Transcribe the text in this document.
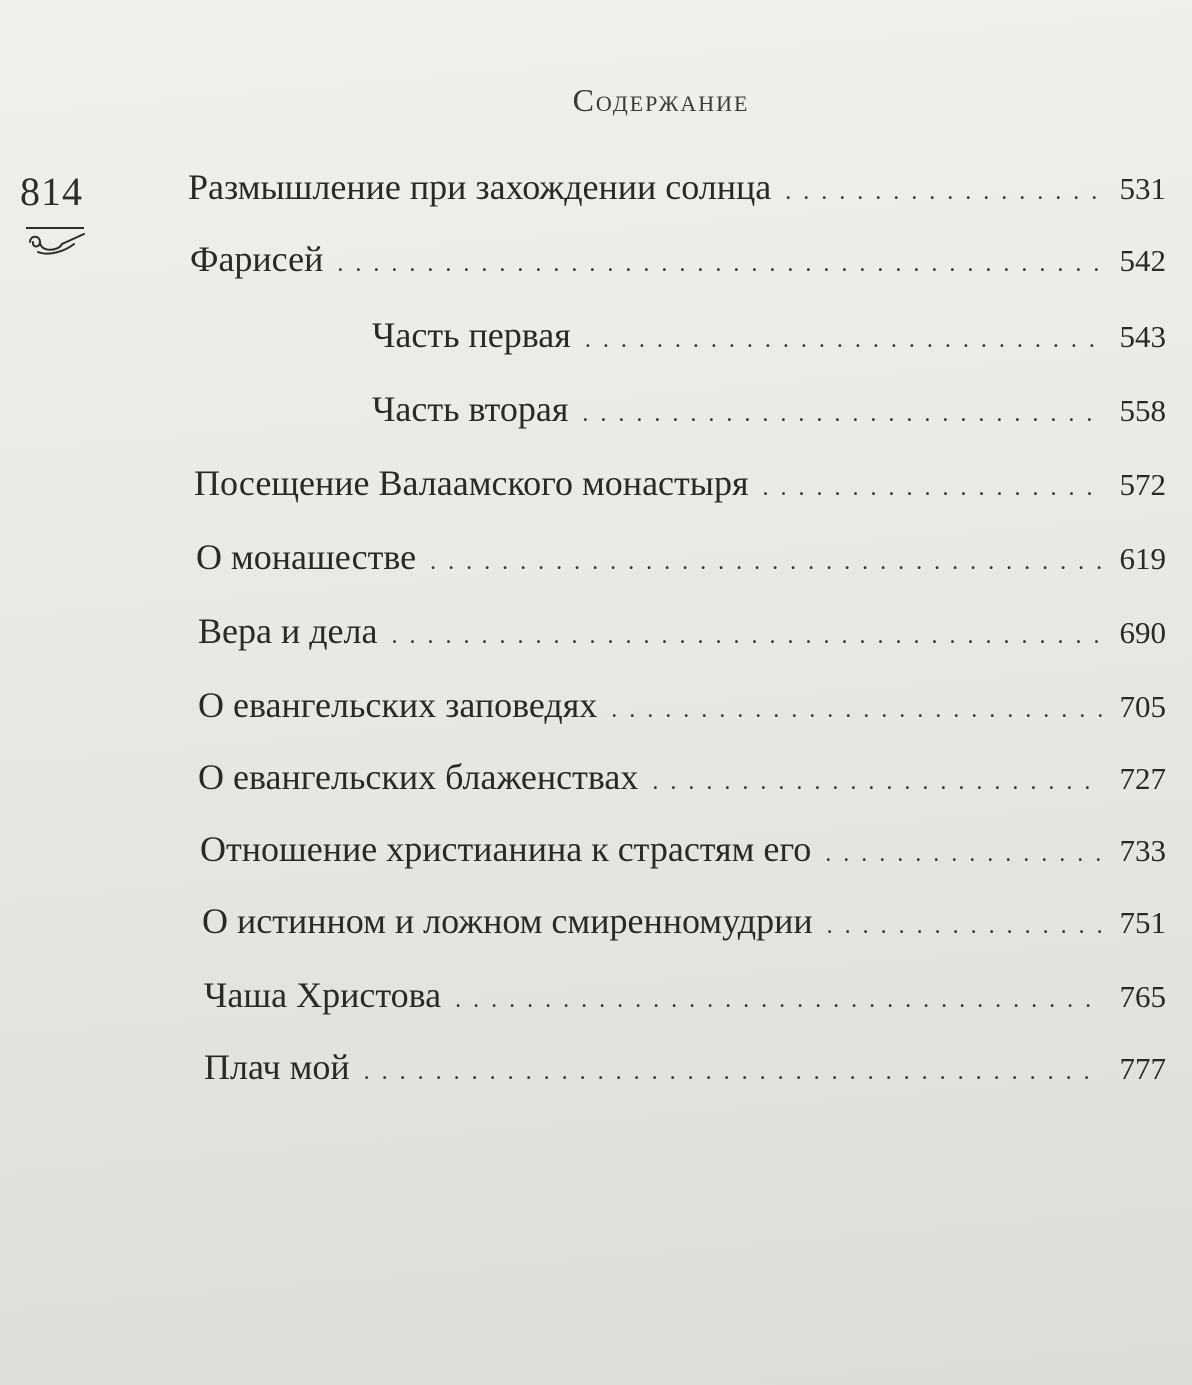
Содержание
814	Размышление при захождении солнца . . .	531
Фарисей . . .	542
Часть первая . . .	543
Часть вторая . . .	558
Посещение Валаамского монастыря . . .	572
О монашестве . . .	619
Вера и дела . . .	690
О евангельских заповедях . . .	705
О евангельских блаженствах . . .	727
Отношение христианина к страстям его . . .	733
О истинном и ложном смиренномудрии . . .	751
Чаша Христова . . .	765
Плач мой . . .	777
